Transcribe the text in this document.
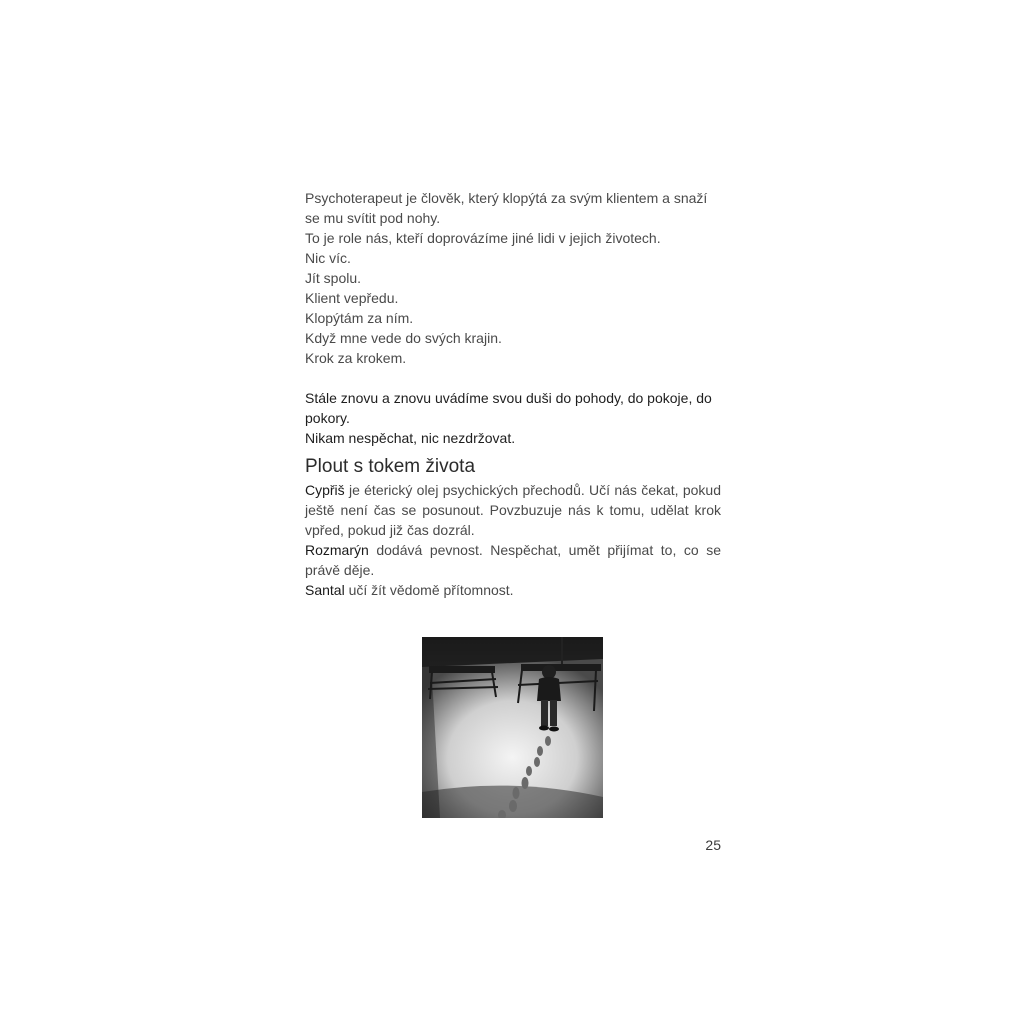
Psychoterapeut je člověk, který klopýtá za svým klientem a snaží
se mu svítit pod nohy.
To je role nás, kteří doprovázíme jiné lidi v jejich životech.
Nic víc.
Jít spolu.
Klient vepředu.
Klopýtám za ním.
Když mne vede do svých krajin.
Krok za krokem.

Stále znovu a znovu uvádíme svou duši do pohody, do pokoje, do
pokory.
Nikam nespěchat, nic nezdržovat.

Plout s tokem života

Cypřiš je éterický olej psychických přechodů. Učí nás čekat, pokud ještě není čas se posunout. Povzbuzuje nás k tomu, udělat krok vpřed, pokud již čas dozrál.

Rozmarýn dodává pevnost. Nespěchat, umět přijímat to, co se právě děje.

Santal učí žít vědomě přítomnost.

25
